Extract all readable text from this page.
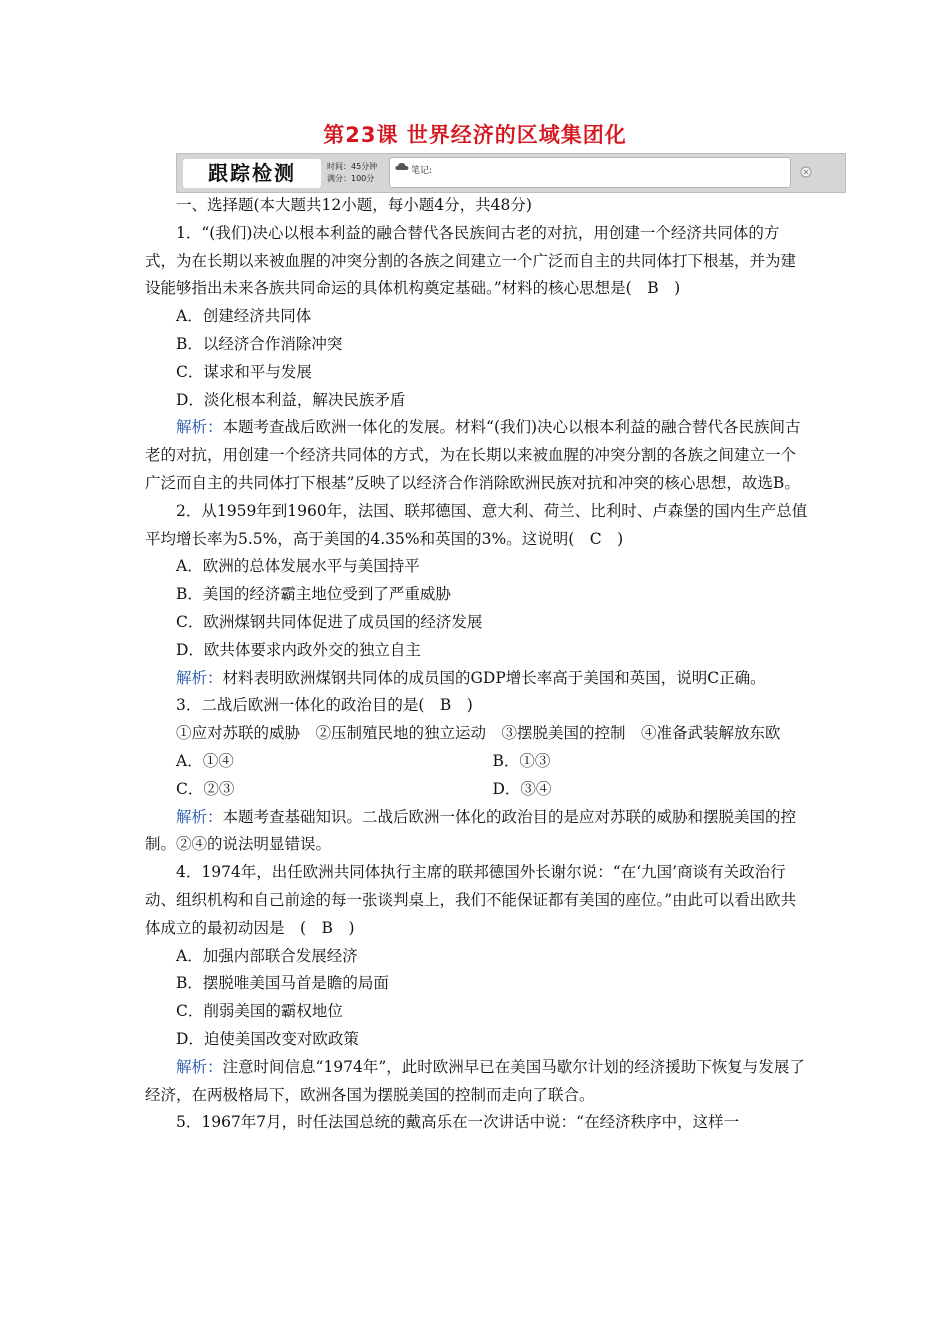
第23课 世界经济的区域集团化
跟踪检测	时间：45分钟
满分：100分
笔记:

一、选择题(本大题共12小题，每小题4分，共48分)

1．“(我们)决心以根本利益的融合替代各民族间古老的对抗，用创建一个经济共同体的方式，为在长期以来被血腥的冲突分割的各族之间建立一个广泛而自主的共同体打下根基，并为建设能够指出未来各族共同命运的具体机构奠定基础。”材料的核心思想是(　B　)

A．创建经济共同体

B．以经济合作消除冲突

C．谋求和平与发展

D．淡化根本利益，解决民族矛盾

解析：本题考查战后欧洲一体化的发展。材料“(我们)决心以根本利益的融合替代各民族间古老的对抗，用创建一个经济共同体的方式，为在长期以来被血腥的冲突分割的各族之间建立一个广泛而自主的共同体打下根基”反映了以经济合作消除欧洲民族对抗和冲突的核心思想，故选B。

2．从1959年到1960年，法国、联邦德国、意大利、荷兰、比利时、卢森堡的国内生产总值平均增长率为5.5%，高于美国的4.35%和英国的3%。这说明(　C　)

A．欧洲的总体发展水平与美国持平

B．美国的经济霸主地位受到了严重威胁

C．欧洲煤钢共同体促进了成员国的经济发展

D．欧共体要求内政外交的独立自主

解析：材料表明欧洲煤钢共同体的成员国的GDP增长率高于美国和英国，说明C正确。

3．二战后欧洲一体化的政治目的是(　B　)

①应对苏联的威胁　②压制殖民地的独立运动　③摆脱美国的控制　④准备武装解放东欧

A．①④	B．①③

C．②③	D．③④

解析：本题考查基础知识。二战后欧洲一体化的政治目的是应对苏联的威胁和摆脱美国的控制。②④的说法明显错误。

4．1974年，出任欧洲共同体执行主席的联邦德国外长谢尔说：“在‘九国’商谈有关政治行动、组织机构和自己前途的每一张谈判桌上，我们不能保证都有美国的座位。”由此可以看出欧共体成立的最初动因是　(　B　)

A．加强内部联合发展经济

B．摆脱唯美国马首是瞻的局面

C．削弱美国的霸权地位

D．迫使美国改变对欧政策

解析：注意时间信息“1974年”，此时欧洲早已在美国马歇尔计划的经济援助下恢复与发展了经济，在两极格局下，欧洲各国为摆脱美国的控制而走向了联合。

5．1967年7月，时任法国总统的戴高乐在一次讲话中说：“在经济秩序中，这样一
